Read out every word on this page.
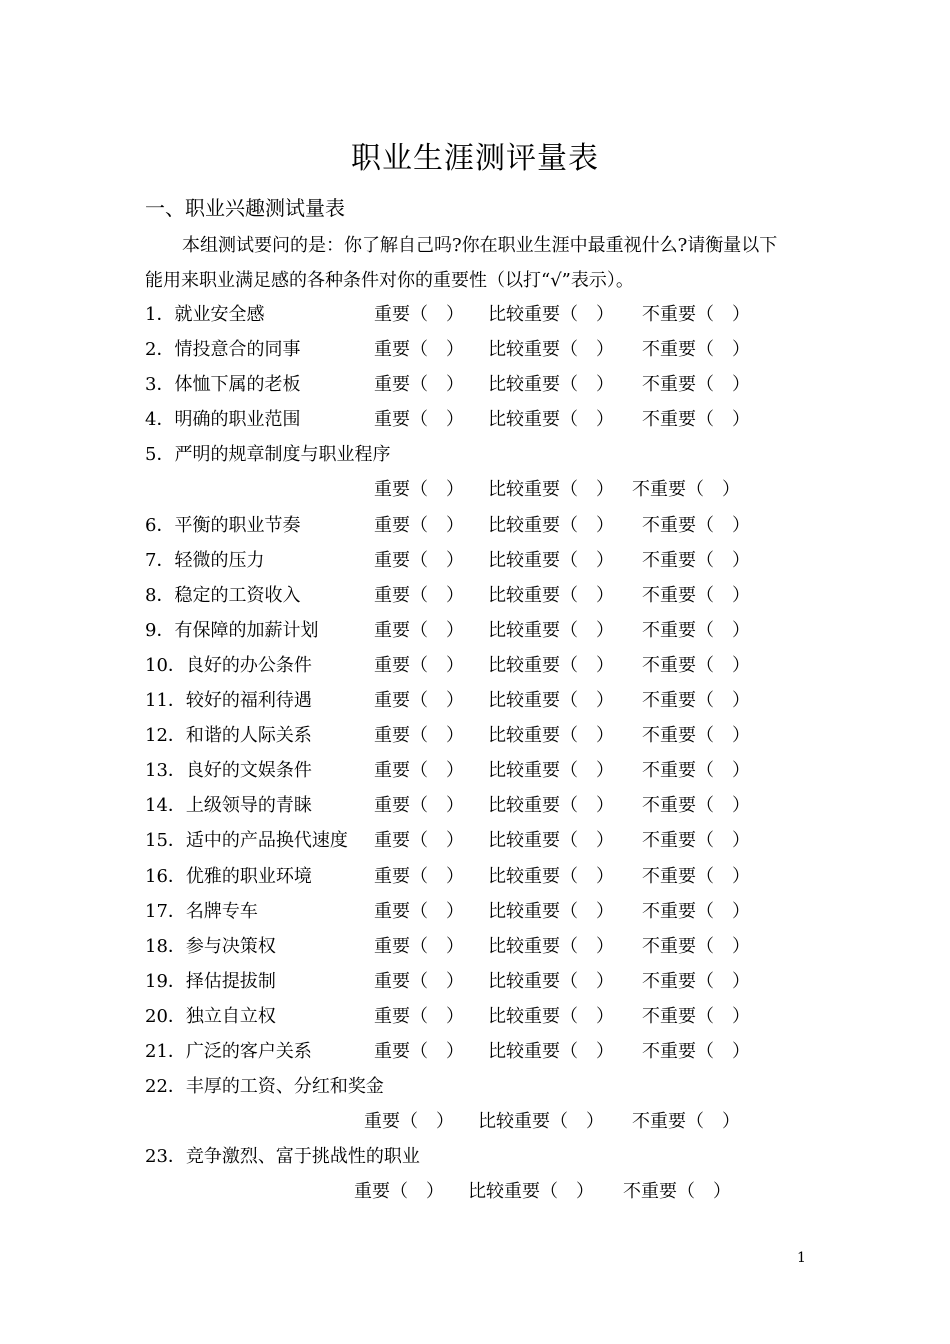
职业生涯测评量表
一、职业兴趣测试量表
本组测试要问的是：你了解自己吗?你在职业生涯中最重视什么?请衡量以下
能用来职业满足感的各种条件对你的重要性（以打“√”表示）。
1．就业安全感	重要（　） 比较重要（　） 不重要（　）
2．情投意合的同事	重要（　） 比较重要（　） 不重要（　）
3．体恤下属的老板	重要（　） 比较重要（　） 不重要（　）
4．明确的职业范围	重要（　） 比较重要（　） 不重要（　）
5．严明的规章制度与职业程序
重要（　） 比较重要（　） 不重要（　）
6．平衡的职业节奏	重要（　） 比较重要（　） 不重要（　）
7．轻微的压力	重要（　） 比较重要（　） 不重要（　）
8．稳定的工资收入	重要（　） 比较重要（　） 不重要（　）
9．有保障的加薪计划	重要（　） 比较重要（　） 不重要（　）
10．良好的办公条件	重要（　） 比较重要（　） 不重要（　）
11．较好的福利待遇	重要（　） 比较重要（　） 不重要（　）
12．和谐的人际关系	重要（　） 比较重要（　） 不重要（　）
13．良好的文娱条件	重要（　） 比较重要（　） 不重要（　）
14．上级领导的青睐	重要（　） 比较重要（　） 不重要（　）
15．适中的产品换代速度 重要（　） 比较重要（　） 不重要（　）
16．优雅的职业环境	重要（　） 比较重要（　） 不重要（　）
17．名牌专车	重要（　） 比较重要（　） 不重要（　）
18．参与决策权	重要（　） 比较重要（　） 不重要（　）
19．择估提拔制	重要（　） 比较重要（　） 不重要（　）
20．独立自立权	重要（　） 比较重要（　） 不重要（　）
21．广泛的客户关系	重要（　） 比较重要（　） 不重要（　）
22．丰厚的工资、分红和奖金
重要（　） 比较重要（　） 不重要（　）
23．竞争激烈、富于挑战性的职业
重要（　） 比较重要（　） 不重要（　）
1
